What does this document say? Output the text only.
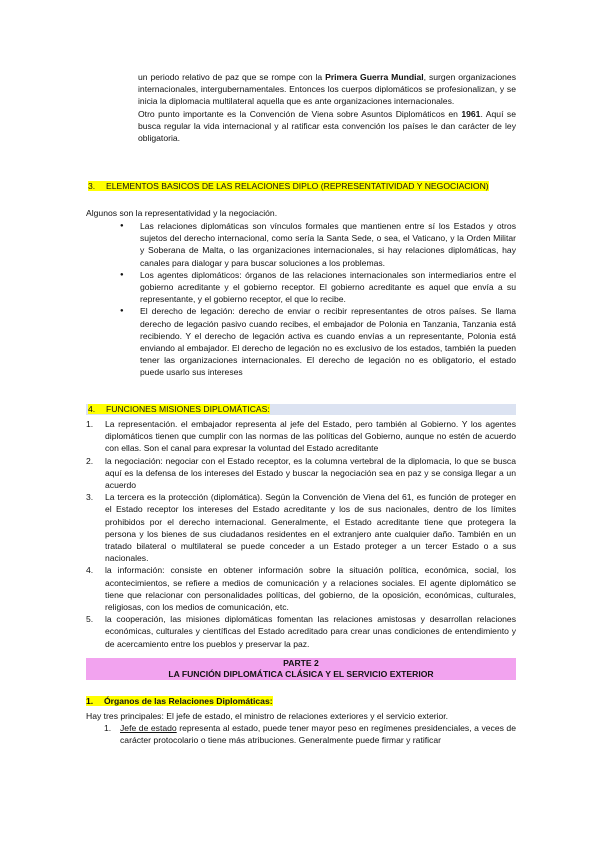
un periodo relativo de paz que se rompe con la Primera Guerra Mundial, surgen organizaciones internacionales, intergubernamentales. Entonces los cuerpos diplomáticos se profesionalizan, y se inicia la diplomacia multilateral aquella que es ante organizaciones internacionales.

Otro punto importante es la Convención de Viena sobre Asuntos Diplomáticos en 1961. Aquí se busca regular la vida internacional y al ratificar esta convención los países le dan carácter de ley obligatoria.

3. ELEMENTOS BASICOS DE LAS RELACIONES DIPLO (REPRESENTATIVIDAD Y NEGOCIACION)
Algunos son la representatividad y la negociación.
● Las relaciones diplomáticas son vínculos formales que mantienen entre sí los Estados y otros sujetos del derecho internacional, como sería la Santa Sede, o sea, el Vaticano, y la Orden Militar y Soberana de Malta, o las organizaciones internacionales, si hay relaciones diplomáticas, hay canales para dialogar y para buscar soluciones a los problemas.
● Los agentes diplomáticos: órganos de las relaciones internacionales son intermediarios entre el gobierno acreditante y el gobierno receptor. El gobierno acreditante es aquel que envía a su representante, y el gobierno receptor, el que lo recibe.
● El derecho de legación: derecho de enviar o recibir representantes de otros países. Se llama derecho de legación pasivo cuando recibes, el embajador de Polonia en Tanzania, Tanzania está recibiendo. Y el derecho de legación activa es cuando envías a un representante, Polonia está enviando al embajador. El derecho de legación no es exclusivo de los estados, también la pueden tener las organizaciones internacionales. El derecho de legación no es obligatorio, el estado puede usarlo sus intereses
4. FUNCIONES MISIONES DIPLOMÁTICAS:
1. La representación. el embajador representa al jefe del Estado, pero también al Gobierno. Y los agentes diplomáticos tienen que cumplir con las normas de las políticas del Gobierno, aunque no estén de acuerdo con ellas. Son el canal para expresar la voluntad del Estado acreditante
2. la negociación: negociar con el Estado receptor, es la columna vertebral de la diplomacia, lo que se busca aquí es la defensa de los intereses del Estado y buscar la negociación sea en paz y se consiga llegar a un acuerdo
3. La tercera es la protección (diplomática). Según la Convención de Viena del 61, es función de proteger en el Estado receptor los intereses del Estado acreditante y los de sus nacionales, dentro de los límites prohibidos por el derecho internacional. Generalmente, el Estado acreditante tiene que protegera la persona y los bienes de sus ciudadanos residentes en el extranjero ante cualquier daño. También en un tratado bilateral o multilateral se puede conceder a un Estado proteger a un tercer Estado o a sus nacionales.
4. la información: consiste en obtener información sobre la situación política, económica, social, los acontecimientos, se refiere a medios de comunicación y a relaciones sociales. El agente diplomático se tiene que relacionar con personalidades políticas, del gobierno, de la oposición, económicas, culturales, religiosas, con los medios de comunicación, etc.
5. la cooperación, las misiones diplomáticas fomentan las relaciones amistosas y desarrollan relaciones económicas, culturales y científicas del Estado acreditado para crear unas condiciones de entendimiento y de acercamiento entre los pueblos y preservar la paz.
PARTE 2
LA FUNCIÓN DIPLOMÁTICA CLÁSICA Y EL SERVICIO EXTERIOR
1. Órganos de las Relaciones Diplomáticas:
Hay tres principales: El jefe de estado, el ministro de relaciones exteriores y el servicio exterior.
1. Jefe de estado representa al estado, puede tener mayor peso en regímenes presidenciales, a veces de carácter protocolario o tiene más atribuciones. Generalmente puede firmar y ratificar
